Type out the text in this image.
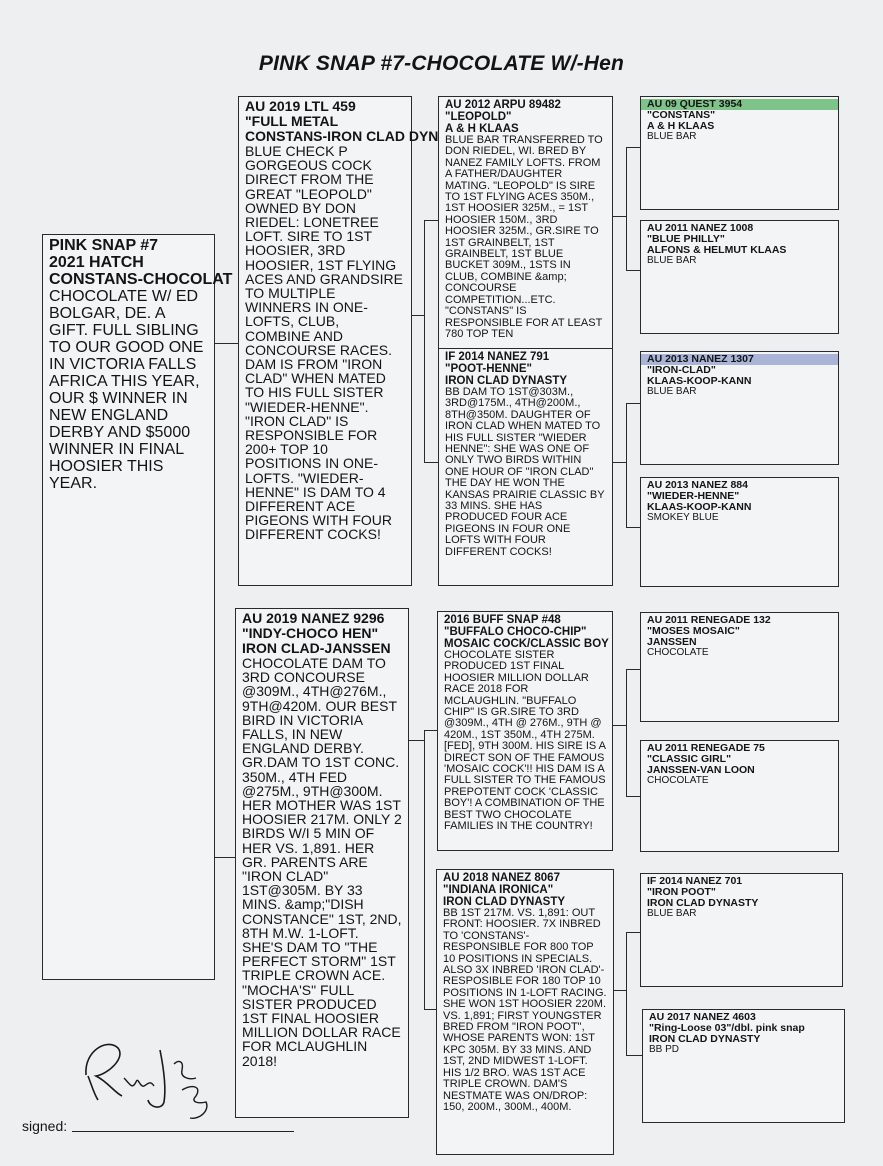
PINK SNAP #7-CHOCOLATE W/-Hen
PINK SNAP #7
2021 HATCH
CONSTANS-CHOCOLAT
CHOCOLATE W/ ED BOLGAR, DE. A GIFT. FULL SIBLING TO OUR GOOD ONE IN VICTORIA FALLS AFRICA THIS YEAR, OUR $ WINNER IN NEW ENGLAND DERBY AND $5000 WINNER IN FINAL HOOSIER THIS YEAR.
AU 2019 LTL 459
"FULL METAL
CONSTANS-IRON CLAD DYN
BLUE CHECK P GORGEOUS COCK DIRECT FROM THE GREAT "LEOPOLD" OWNED BY DON RIEDEL: LONETREE LOFT. SIRE TO 1ST HOOSIER, 3RD HOOSIER, 1ST FLYING ACES AND GRANDSIRE TO MULTIPLE WINNERS IN ONE-LOFTS, CLUB, COMBINE AND CONCOURSE RACES. DAM IS FROM "IRON CLAD" WHEN MATED TO HIS FULL SISTER "WIEDER-HENNE". "IRON CLAD" IS RESPONSIBLE FOR 200+ TOP 10 POSITIONS IN ONE-LOFTS. "WIEDER-HENNE" IS DAM TO 4 DIFFERENT ACE PIGEONS WITH FOUR DIFFERENT COCKS!
AU 2019 NANEZ 9296
"INDY-CHOCO HEN"
IRON CLAD-JANSSEN
CHOCOLATE DAM TO 3RD CONCOURSE @309M., 4TH@276M., 9TH@420M. OUR BEST BIRD IN VICTORIA FALLS, IN NEW ENGLAND DERBY. GR.DAM TO 1ST CONC. 350M., 4TH FED @275M., 9TH@300M. HER MOTHER WAS 1ST HOOSIER 217M. ONLY 2 BIRDS W/I 5 MIN OF HER VS. 1,891. HER GR. PARENTS ARE "IRON CLAD" 1ST@305M. BY 33 MINS. &amp;"DISH CONSTANCE" 1ST, 2ND, 8TH M.W. 1-LOFT. SHE'S DAM TO "THE PERFECT STORM" 1ST TRIPLE CROWN ACE. "MOCHA'S" FULL SISTER PRODUCED 1ST FINAL HOOSIER MILLION DOLLAR RACE FOR MCLAUGHLIN 2018!
AU 2012 ARPU 89482
"LEOPOLD"
A & H KLAAS
BLUE BAR TRANSFERRED TO DON RIEDEL, WI. BRED BY NANEZ FAMILY LOFTS. FROM A FATHER/DAUGHTER MATING. "LEOPOLD" IS SIRE TO 1ST FLYING ACES 350M., 1ST HOOSIER 325M., = 1ST HOOSIER 150M., 3RD HOOSIER 325M., GR.SIRE TO 1ST GRAINBELT, 1ST GRAINBELT, 1ST BLUE BUCKET 309M., 1STS IN CLUB, COMBINE &amp; CONCOURSE COMPETITION...ETC. "CONSTANS" IS RESPONSIBLE FOR AT LEAST 780 TOP TEN
IF 2014 NANEZ 791
"POOT-HENNE"
IRON CLAD DYNASTY
BB DAM TO 1ST@303M., 3RD@175M., 4TH@200M., 8TH@350M. DAUGHTER OF IRON CLAD WHEN MATED TO HIS FULL SISTER "WIEDER HENNE": SHE WAS ONE OF ONLY TWO BIRDS WITHIN ONE HOUR OF "IRON CLAD" THE DAY HE WON THE KANSAS PRAIRIE CLASSIC BY 33 MINS. SHE HAS PRODUCED FOUR ACE PIGEONS IN FOUR ONE LOFTS WITH FOUR DIFFERENT COCKS!
2016 BUFF SNAP #48
"BUFFALO CHOCO-CHIP"
MOSAIC COCK/CLASSIC BOY
CHOCOLATE SISTER PRODUCED 1ST FINAL HOOSIER MILLION DOLLAR RACE 2018 FOR MCLAUGHLIN. "BUFFALO CHIP" IS GR.SIRE TO 3RD @309M., 4TH @ 276M., 9TH @ 420M., 1ST 350M., 4TH 275M. [FED], 9TH 300M. HIS SIRE IS A DIRECT SON OF THE FAMOUS 'MOSAIC COCK'!! HIS DAM IS A FULL SISTER TO THE FAMOUS PREPOTENT COCK 'CLASSIC BOY'! A COMBINATION OF THE BEST TWO CHOCOLATE FAMILIES IN THE COUNTRY!
AU 2018 NANEZ 8067
"INDIANA IRONICA"
IRON CLAD DYNASTY
BB 1ST 217M. VS. 1,891: OUT FRONT: HOOSIER. 7X INBRED TO 'CONSTANS'- RESPONSIBLE FOR 800 TOP 10 POSITIONS IN SPECIALS. ALSO 3X INBRED 'IRON CLAD'- RESPOSIBLE FOR 180 TOP 10 POSITIONS IN 1-LOFT RACING. SHE WON 1ST HOOSIER 220M. VS. 1,891; FIRST YOUNGSTER BRED FROM "IRON POOT", WHOSE PARENTS WON: 1ST KPC 305M. BY 33 MINS. AND 1ST, 2ND MIDWEST 1-LOFT. HIS 1/2 BRO. WAS 1ST ACE TRIPLE CROWN. DAM'S NESTMATE WAS ON/DROP: 150, 200M., 300M., 400M.
AU 09 QUEST 3954
"CONSTANS"
A & H KLAAS
BLUE BAR
AU 2011 NANEZ 1008
"BLUE PHILLY"
ALFONS & HELMUT KLAAS
BLUE BAR
AU 2013 NANEZ 1307
"IRON-CLAD"
KLAAS-KOOP-KANN
BLUE BAR
AU 2013 NANEZ 884
"WIEDER-HENNE"
KLAAS-KOOP-KANN
SMOKEY BLUE
AU 2011 RENEGADE 132
"MOSES MOSAIC"
JANSSEN
CHOCOLATE
AU 2011 RENEGADE 75
"CLASSIC GIRL"
JANSSEN-VAN LOON
CHOCOLATE
IF 2014 NANEZ 701
"IRON POOT"
IRON CLAD DYNASTY
BLUE BAR
AU 2017 NANEZ 4603
"Ring-Loose 03"/dbl. pink snap
IRON CLAD DYNASTY
BB PD
signed:
